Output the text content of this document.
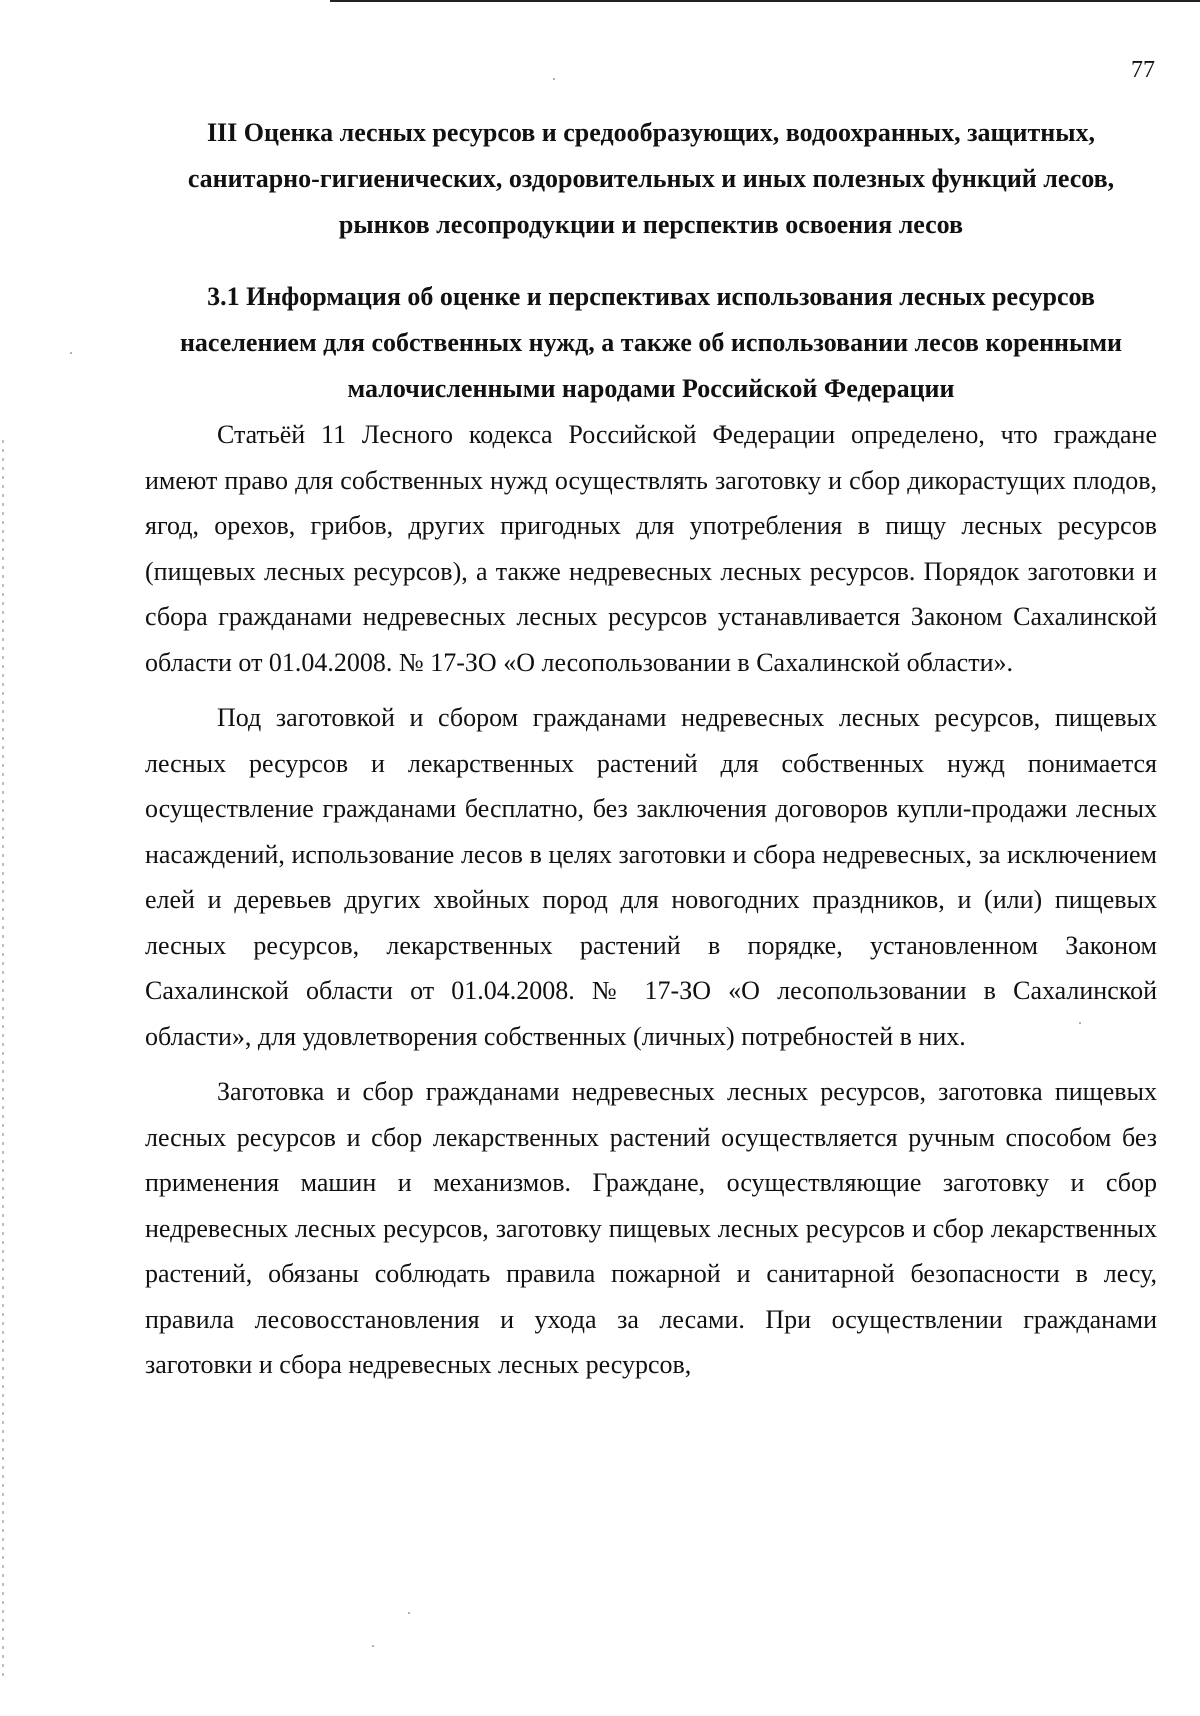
77
III Оценка лесных ресурсов и средообразующих, водоохранных, защитных, санитарно-гигиенических, оздоровительных и иных полезных функций лесов, рынков лесопродукции и перспектив освоения лесов
3.1 Информация об оценке и перспективах использования лесных ресурсов населением для собственных нужд, а также об использовании лесов коренными малочисленными народами Российской Федерации

Статьёй 11 Лесного кодекса Российской Федерации определено, что граждане имеют право для собственных нужд осуществлять заготовку и сбор дикорастущих плодов, ягод, орехов, грибов, других пригодных для употребления в пищу лесных ресурсов (пищевых лесных ресурсов), а также недревесных лесных ресурсов. Порядок заготовки и сбора гражданами недревесных лесных ресурсов устанавливается Законом Сахалинской области от 01.04.2008. № 17-ЗО «О лесопользовании в Сахалинской области».

Под заготовкой и сбором гражданами недревесных лесных ресурсов, пищевых лесных ресурсов и лекарственных растений для собственных нужд понимается осуществление гражданами бесплатно, без заключения договоров купли-продажи лесных насаждений, использование лесов в целях заготовки и сбора недревесных, за исключением елей и деревьев других хвойных пород для новогодних праздников, и (или) пищевых лесных ресурсов, лекарственных растений в порядке, установленном Законом Сахалинской области от 01.04.2008. № 17-ЗО «О лесопользовании в Сахалинской области», для удовлетворения собственных (личных) потребностей в них.

Заготовка и сбор гражданами недревесных лесных ресурсов, заготовка пищевых лесных ресурсов и сбор лекарственных растений осуществляется ручным способом без применения машин и механизмов. Граждане, осуществляющие заготовку и сбор недревесных лесных ресурсов, заготовку пищевых лесных ресурсов и сбор лекарственных растений, обязаны соблюдать правила пожарной и санитарной безопасности в лесу, правила лесовосстановления и ухода за лесами. При осуществлении гражданами заготовки и сбора недревесных лесных ресурсов,
